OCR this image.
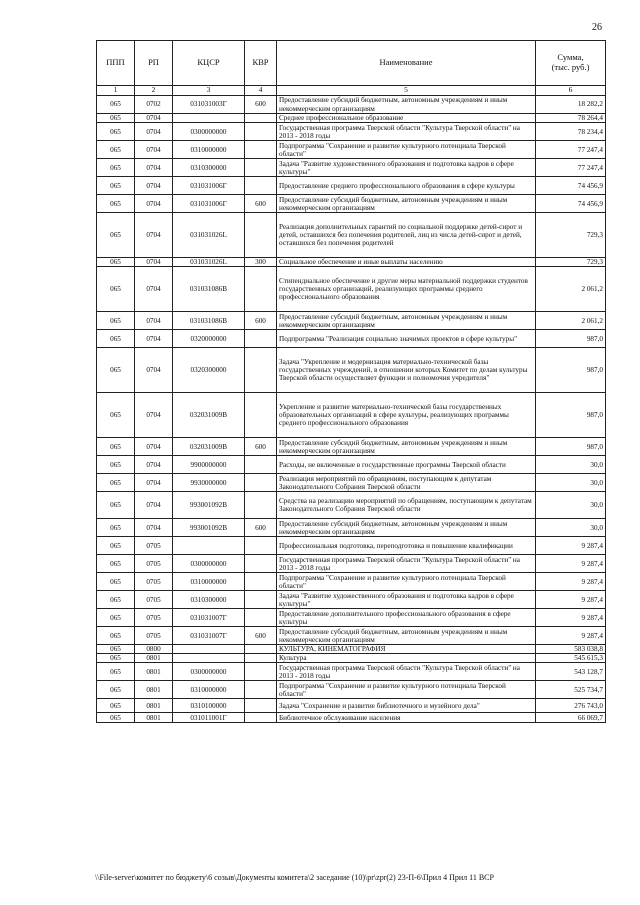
26
ППП	РП	КЦСР	КВР	Наименование	Сумма,
(тыс. руб.)
1	2	3	4	5	6
065	0702	031031003Г	600	Предоставление субсидий бюджетным, автономным учреждениям и иным некоммерческим организациям	18 282,2
065	0704			Среднее профессиональное образование	78 264,4
065	0704	0300000000		Государственная программа Тверской области "Культура Тверской области" на 2013 - 2018 годы	78 234,4
065	0704	0310000000		Подпрограмма "Сохранение и развитие культурного потенциала Тверской области"	77 247,4
065	0704	0310300000		Задача "Развитие художественного образования и подготовка кадров в сфере культуры"	77 247,4
065	0704	031031006Г		Предоставление среднего профессионального образования в сфере культуры	74 456,9
065	0704	031031006Г	600	Предоставление субсидий бюджетным, автономным учреждениям и иным некоммерческим организациям	74 456,9
065	0704	031031026L		Реализация дополнительных гарантий по социальной поддержке детей-сирот и детей, оставшихся без попечения родителей, лиц из числа детей-сирот и детей, оставшихся без попечения родителей	729,3
065	0704	031031026L	300	Социальное обеспечение и иные выплаты населению	729,3
065	0704	031031086В		Стипендиальное обеспечение и другие меры материальной поддержки студентов государственных организаций, реализующих программы среднего профессионального образования	2 061,2
065	0704	031031086В	600	Предоставление субсидий бюджетным, автономным учреждениям и иным некоммерческим организациям	2 061,2
065	0704	0320000000		Подпрограмма "Реализация социально значимых проектов в сфере культуры"	987,0
065	0704	0320300000		Задача "Укрепление и модернизация материально-технической базы государственных учреждений, в отношении которых Комитет по делам культуры Тверской области осуществляет функции и полномочия учредителя"	987,0
065	0704	032031009В		Укрепление и развитие материально-технической базы государственных образовательных организаций в сфере культуры, реализующих программы среднего профессионального образования	987,0
065	0704	032031009В	600	Предоставление субсидий бюджетным, автономным учреждениям и иным некоммерческим организациям	987,0
065	0704	9900000000		Расходы, не включенные в государственные программы Тверской области	30,0
065	0704	9930000000		Реализация мероприятий по обращениям, поступающим к депутатам Законодательного Собрания Тверской области	30,0
065	0704	993001092В		Средства на реализацию мероприятий по обращениям, поступающим к депутатам Законодательного Собрания Тверской области	30,0
065	0704	993001092В	600	Предоставление субсидий бюджетным, автономным учреждениям и иным некоммерческим организациям	30,0
065	0705			Профессиональная подготовка, переподготовка и повышение квалификации	9 287,4
065	0705	0300000000		Государственная программа Тверской области "Культура Тверской области" на 2013 - 2018 годы	9 287,4
065	0705	0310000000		Подпрограмма "Сохранение и развитие культурного потенциала Тверской области"	9 287,4
065	0705	0310300000		Задача "Развитие художественного образования и подготовка кадров в сфере культуры"	9 287,4
065	0705	031031007Г		Предоставление дополнительного профессионального образования в сфере культуры	9 287,4
065	0705	031031007Г	600	Предоставление субсидий бюджетным, автономным учреждениям и иным некоммерческим организациям	9 287,4
065	0800			КУЛЬТУРА, КИНЕМАТОГРАФИЯ	583 038,8
065	0801			Культура	545 615,3
065	0801	0300000000		Государственная программа Тверской области "Культура Тверской области" на 2013 - 2018 годы	543 128,7
065	0801	0310000000		Подпрограмма "Сохранение и развитие культурного потенциала Тверской области"	525 734,7
065	0801	0310100000		Задача "Сохранение и развитие библиотечного и музейного дела"	276 743,0
065	0801	031011001Г		Библиотечное обслуживание населения	66 069,7
\\File-server\комитет по бюджету\6 созыв\Документы комитета\2 заседание (10)\pr\zpr(2) 23-П-6\Прил 4 Прил 11 ВСР
